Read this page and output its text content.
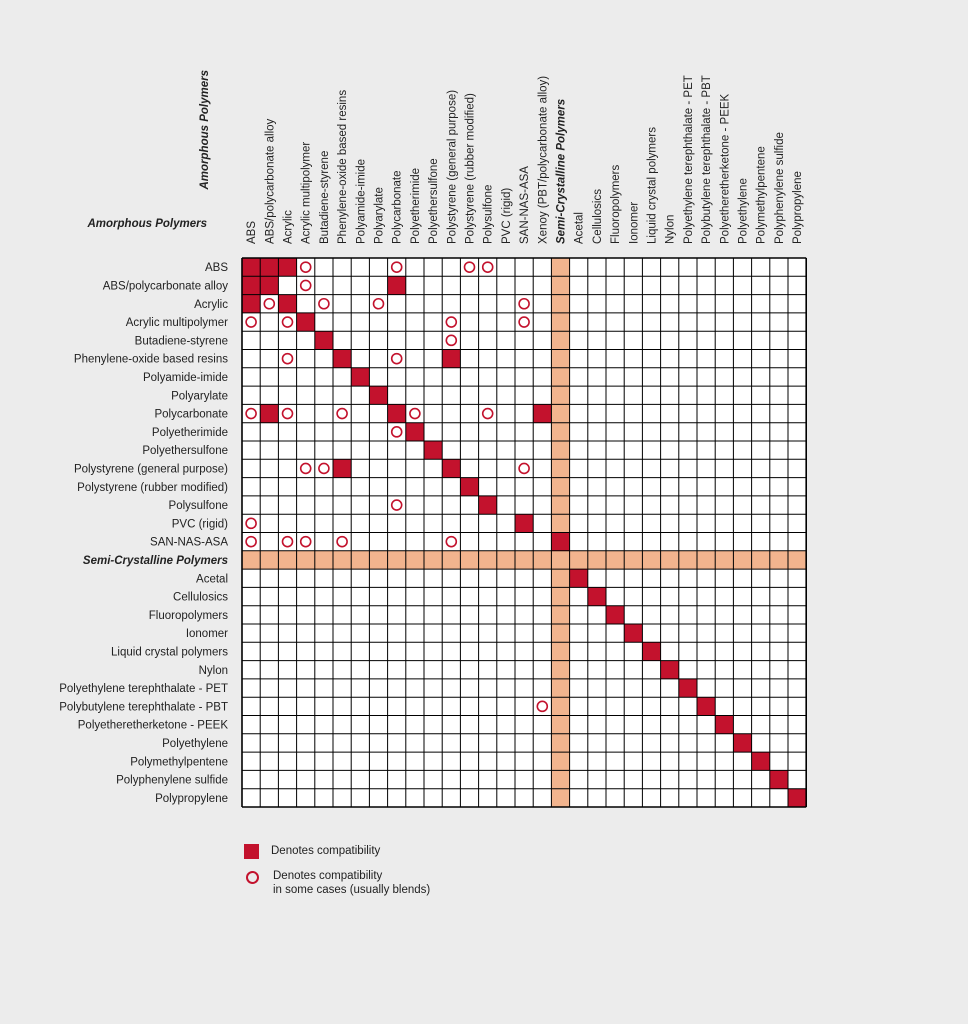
ABS
ABS/polycarbonate alloy
Acrylic
Acrylic multipolymer
Butadiene-styrene
Phenylene-oxide based resins
Polyamide-imide
Polyarylate
Polycarbonate
Polyetherimide
Polyethersulfone
Polystyrene (general purpose)
Polystyrene (rubber modified)
Polysulfone
PVC (rigid)
SAN-NAS-ASA
Semi-Crystalline Polymers
Acetal
Cellulosics
Fluoropolymers
Ionomer
Liquid crystal polymers
Nylon
Polyethylene terephthalate - PET
Polybutylene terephthalate - PBT
Polyetheretherketone - PEEK
Polyethylene
Polymethylpentene
Polyphenylene sulfide
Polypropylene
ABS ABS/polycarbonate alloy Acrylic Acrylic multipolymer Butadiene-styrene Phenylene-oxide based resins Polyamide-imide Polyarylate Polycarbonate Polyetherimide Polyethersulfone Polystyrene (general purpose) Polystyrene (rubber modified) Polysulfone PVC (rigid) SAN-NAS-ASA Xenoy (PBT/polycarbonate alloy) Semi-Crystalline Polymers Acetal Cellulosics Fluoropolymers Ionomer Liquid crystal polymers Nylon Polyethylene terephthalate - PET Polybutylene terephthalate - PBT Polyetheretherketone - PEEK Polyethylene Polymethylpentene Polyphenylene sulfide Polypropylene
Amorphous Polymers
Amorphous Polymers
Denotes compatibility
Denotes compatibility
in some cases (usually blends)
